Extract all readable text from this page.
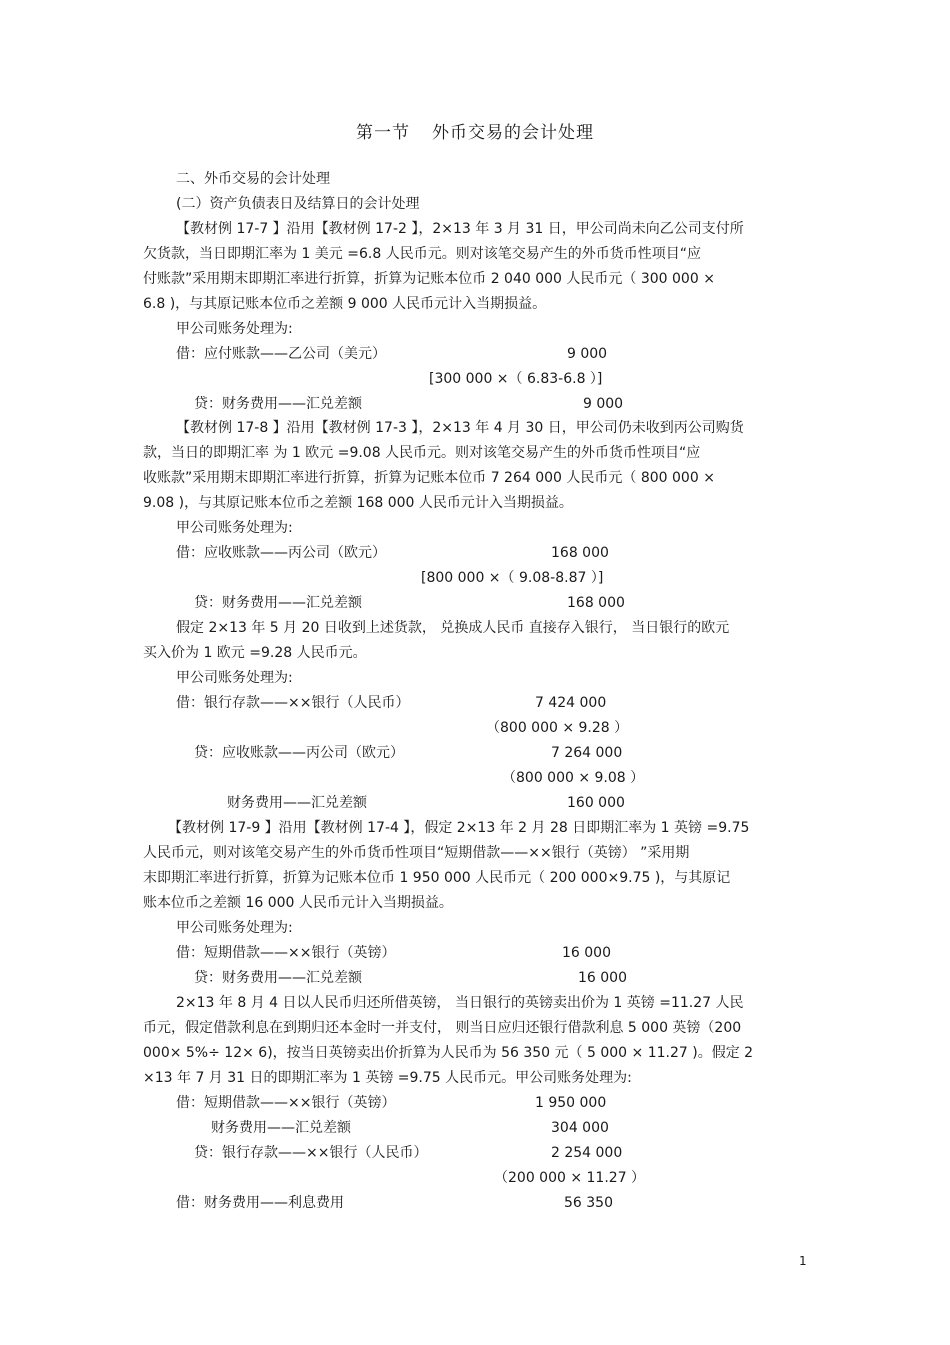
第一节 外币交易的会计处理
二、外币交易的会计处理
(二）资产负债表日及结算日的会计处理
【教材例 17-7 】沿用【教材例 17-2 】，2×13 年 3 月 31 日，甲公司尚未向乙公司支付所
欠货款，当日即期汇率为 1 美元 =6.8 人民币元。则对该笔交易产生的外币货币性项目“应
付账款”采用期末即期汇率进行折算，折算为记账本位币 2 040 000 人民币元（ 300 000 ×
6.8 )，与其原记账本位币之差额 9 000 人民币元计入当期损益。
甲公司账务处理为:
借：应付账款——乙公司（美元）	9 000
[300 000 ×（ 6.83-6.8 ）]
贷：财务费用——汇兑差额	9 000
【教材例 17-8 】沿用【教材例 17-3 】，2×13 年 4 月 30 日，甲公司仍未收到丙公司购货
款，当日的即期汇率 为 1 欧元 =9.08 人民币元。则对该笔交易产生的外币货币性项目“应
收账款”采用期末即期汇率进行折算，折算为记账本位币 7 264 000 人民币元（ 800 000 ×
9.08 )，与其原记账本位币之差额 168 000 人民币元计入当期损益。
甲公司账务处理为:
借：应收账款——丙公司（欧元）	168 000
[800 000 ×（ 9.08-8.87 ）]
贷：财务费用——汇兑差额	168 000
假定 2×13 年 5 月 20 日收到上述货款， 兑换成人民币 直接存入银行， 当日银行的欧元
买入价为 1 欧元 =9.28 人民币元。
甲公司账务处理为:
借：银行存款——××银行（人民币）	7 424 000
（800 000 × 9.28 ）
贷：应收账款——丙公司（欧元）	7 264 000
（800 000 × 9.08 ）
财务费用——汇兑差额	160 000
【教材例 17-9 】沿用【教材例 17-4 】，假定 2×13 年 2 月 28 日即期汇率为 1 英镑 =9.75
人民币元，则对该笔交易产生的外币货币性项目“短期借款——××银行（英镑） ”采用期
末即期汇率进行折算，折算为记账本位币 1 950 000 人民币元（ 200 000×9.75 )，与其原记
账本位币之差额 16 000 人民币元计入当期损益。
甲公司账务处理为:
借：短期借款——××银行（英镑）	16 000
贷：财务费用——汇兑差额	16 000
2×13 年 8 月 4 日以人民币归还所借英镑， 当日银行的英镑卖出价为 1 英镑 =11.27 人民
币元，假定借款利息在到期归还本金时一并支付， 则当日应归还银行借款利息 5 000 英镑（200
000× 5%÷ 12× 6)，按当日英镑卖出价折算为人民币为 56 350 元（ 5 000 × 11.27 )。假定 2
×13 年 7 月 31 日的即期汇率为 1 英镑 =9.75 人民币元。甲公司账务处理为:
借：短期借款——××银行（英镑）	1 950 000
财务费用——汇兑差额	304 000
贷：银行存款——××银行（人民币）	2 254 000
（200 000 × 11.27 ）
借：财务费用——利息费用	56 350
1
